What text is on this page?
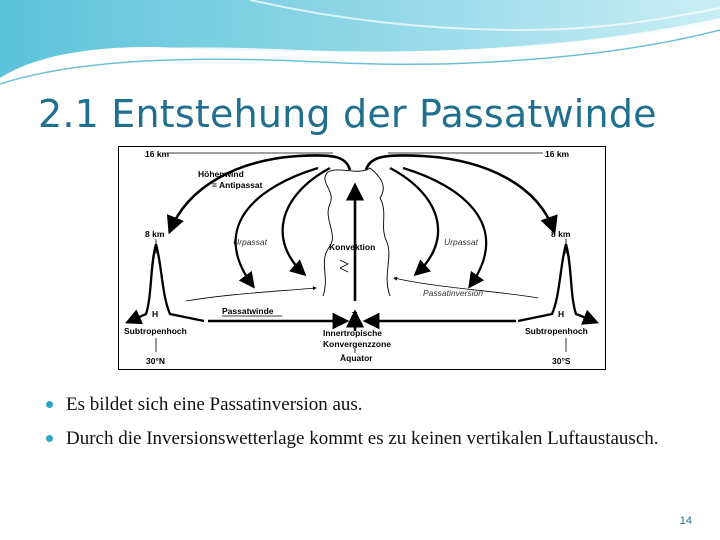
2.1 Entstehung der Passatwinde
16 km	16 km
8 km	8 km
Höhenwind
= Antipassat
Urpassat	Urpassat
Konvektion
Passatinversion
H	H
T
Passatwinde
Subtropenhoch	Subtropenhoch
Innertropische
Konvergenzzone
Äquator
30°N	30°S
Es bildet sich eine Passatinversion aus.
Durch die Inversionswetterlage kommt es zu keinen vertikalen Luftaustausch.
14
